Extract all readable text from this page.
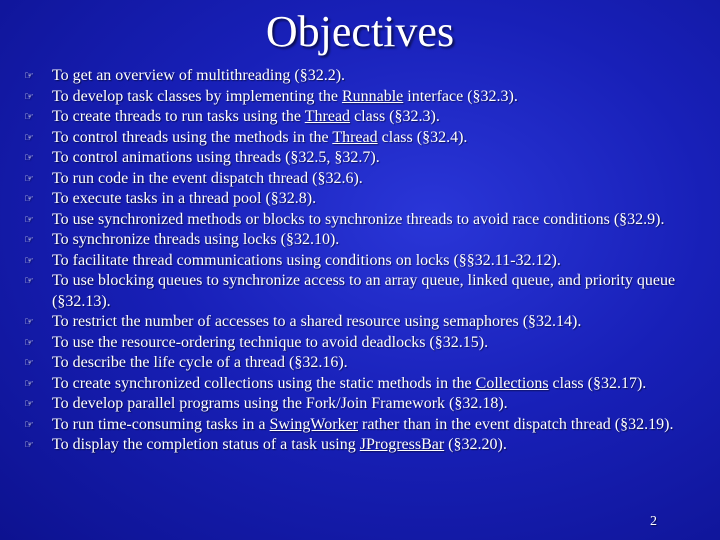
Objectives
☞ To get an overview of multithreading (§32.2).
☞ To develop task classes by implementing the Runnable interface (§32.3).
☞ To create threads to run tasks using the Thread class (§32.3).
☞ To control threads using the methods in the Thread class (§32.4).
☞ To control animations using threads (§32.5, §32.7).
☞ To run code in the event dispatch thread (§32.6).
☞ To execute tasks in a thread pool (§32.8).
☞ To use synchronized methods or blocks to synchronize threads to avoid race conditions (§32.9).
☞ To synchronize threads using locks (§32.10).
☞ To facilitate thread communications using conditions on locks (§§32.11-32.12).
☞ To use blocking queues to synchronize access to an array queue, linked queue, and priority queue (§32.13).
☞ To restrict the number of accesses to a shared resource using semaphores (§32.14).
☞ To use the resource-ordering technique to avoid deadlocks (§32.15).
☞ To describe the life cycle of a thread (§32.16).
☞ To create synchronized collections using the static methods in the Collections class (§32.17).
☞ To develop parallel programs using the Fork/Join Framework (§32.18).
☞ To run time-consuming tasks in a SwingWorker rather than in the event dispatch thread (§32.19).
☞ To display the completion status of a task using JProgressBar (§32.20).
2
